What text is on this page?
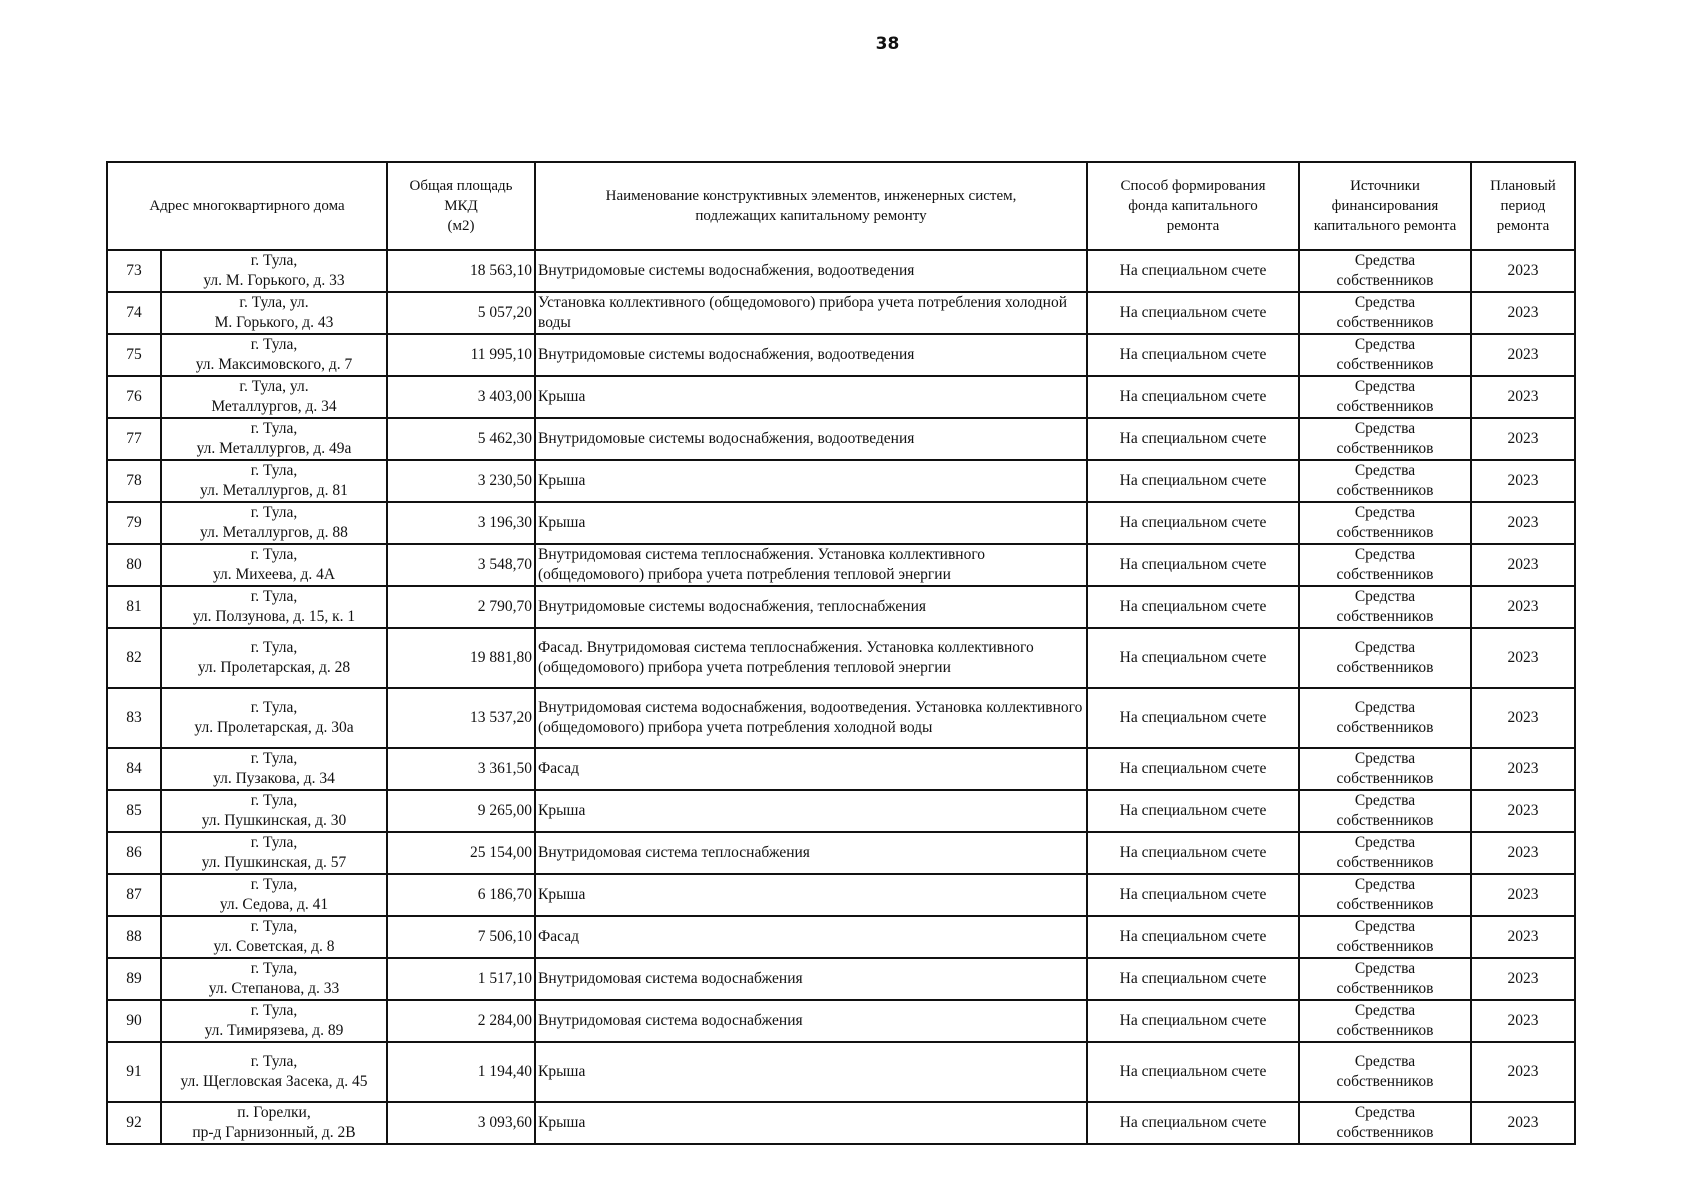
38
Адрес многоквартирного дома		Общая площадь
МКД
(м2)	Наименование конструктивных элементов, инженерных систем,
подлежащих капитальному ремонту	Способ формирования
фонда капитального
ремонта	Источники
финансирования
капитального ремонта	Плановый
период
ремонта

73	г. Тула,
ул. М. Горького, д. 33	18 563,10	Внутридомовые системы водоснабжения, водоотведения	На специальном счете	Средства
собственников	2023
74	г. Тула, ул.
М. Горького, д. 43	5 057,20	Установка коллективного (общедомового) прибора учета потребления холодной воды	На специальном счете	Средства
собственников	2023
75	г. Тула,
ул. Максимовского, д. 7	11 995,10	Внутридомовые системы водоснабжения, водоотведения	На специальном счете	Средства
собственников	2023
76	г. Тула, ул.
Металлургов, д. 34	3 403,00	Крыша	На специальном счете	Средства
собственников	2023
77	г. Тула,
ул. Металлургов, д. 49а	5 462,30	Внутридомовые системы водоснабжения, водоотведения	На специальном счете	Средства
собственников	2023
78	г. Тула,
ул. Металлургов, д. 81	3 230,50	Крыша	На специальном счете	Средства
собственников	2023
79	г. Тула,
ул. Металлургов, д. 88	3 196,30	Крыша	На специальном счете	Средства
собственников	2023
80	г. Тула,
ул. Михеева, д. 4А	3 548,70	Внутридомовая система теплоснабжения. Установка коллективного (общедомового) прибора учета потребления тепловой энергии	На специальном счете	Средства
собственников	2023
81	г. Тула,
ул. Ползунова, д. 15, к. 1	2 790,70	Внутридомовые системы водоснабжения, теплоснабжения	На специальном счете	Средства
собственников	2023
82	г. Тула,
ул. Пролетарская, д. 28	19 881,80	Фасад. Внутридомовая система теплоснабжения. Установка коллективного (общедомового) прибора учета потребления тепловой энергии	На специальном счете	Средства
собственников	2023
83	г. Тула,
ул. Пролетарская, д. 30а	13 537,20	Внутридомовая система водоснабжения, водоотведения. Установка коллективного (общедомового) прибора учета потребления холодной воды	На специальном счете	Средства
собственников	2023
84	г. Тула,
ул. Пузакова, д. 34	3 361,50	Фасад	На специальном счете	Средства
собственников	2023
85	г. Тула,
ул. Пушкинская, д. 30	9 265,00	Крыша	На специальном счете	Средства
собственников	2023
86	г. Тула,
ул. Пушкинская, д. 57	25 154,00	Внутридомовая система теплоснабжения	На специальном счете	Средства
собственников	2023
87	г. Тула,
ул. Седова, д. 41	6 186,70	Крыша	На специальном счете	Средства
собственников	2023
88	г. Тула,
ул. Советская, д. 8	7 506,10	Фасад	На специальном счете	Средства
собственников	2023
89	г. Тула,
ул. Степанова, д. 33	1 517,10	Внутридомовая система водоснабжения	На специальном счете	Средства
собственников	2023
90	г. Тула,
ул. Тимирязева, д. 89	2 284,00	Внутридомовая система водоснабжения	На специальном счете	Средства
собственников	2023
91	г. Тула,
ул. Щегловская Засека, д. 45	1 194,40	Крыша	На специальном счете	Средства
собственников	2023
92	п. Горелки,
пр-д Гарнизонный, д. 2В	3 093,60	Крыша	На специальном счете	Средства
собственников	2023
